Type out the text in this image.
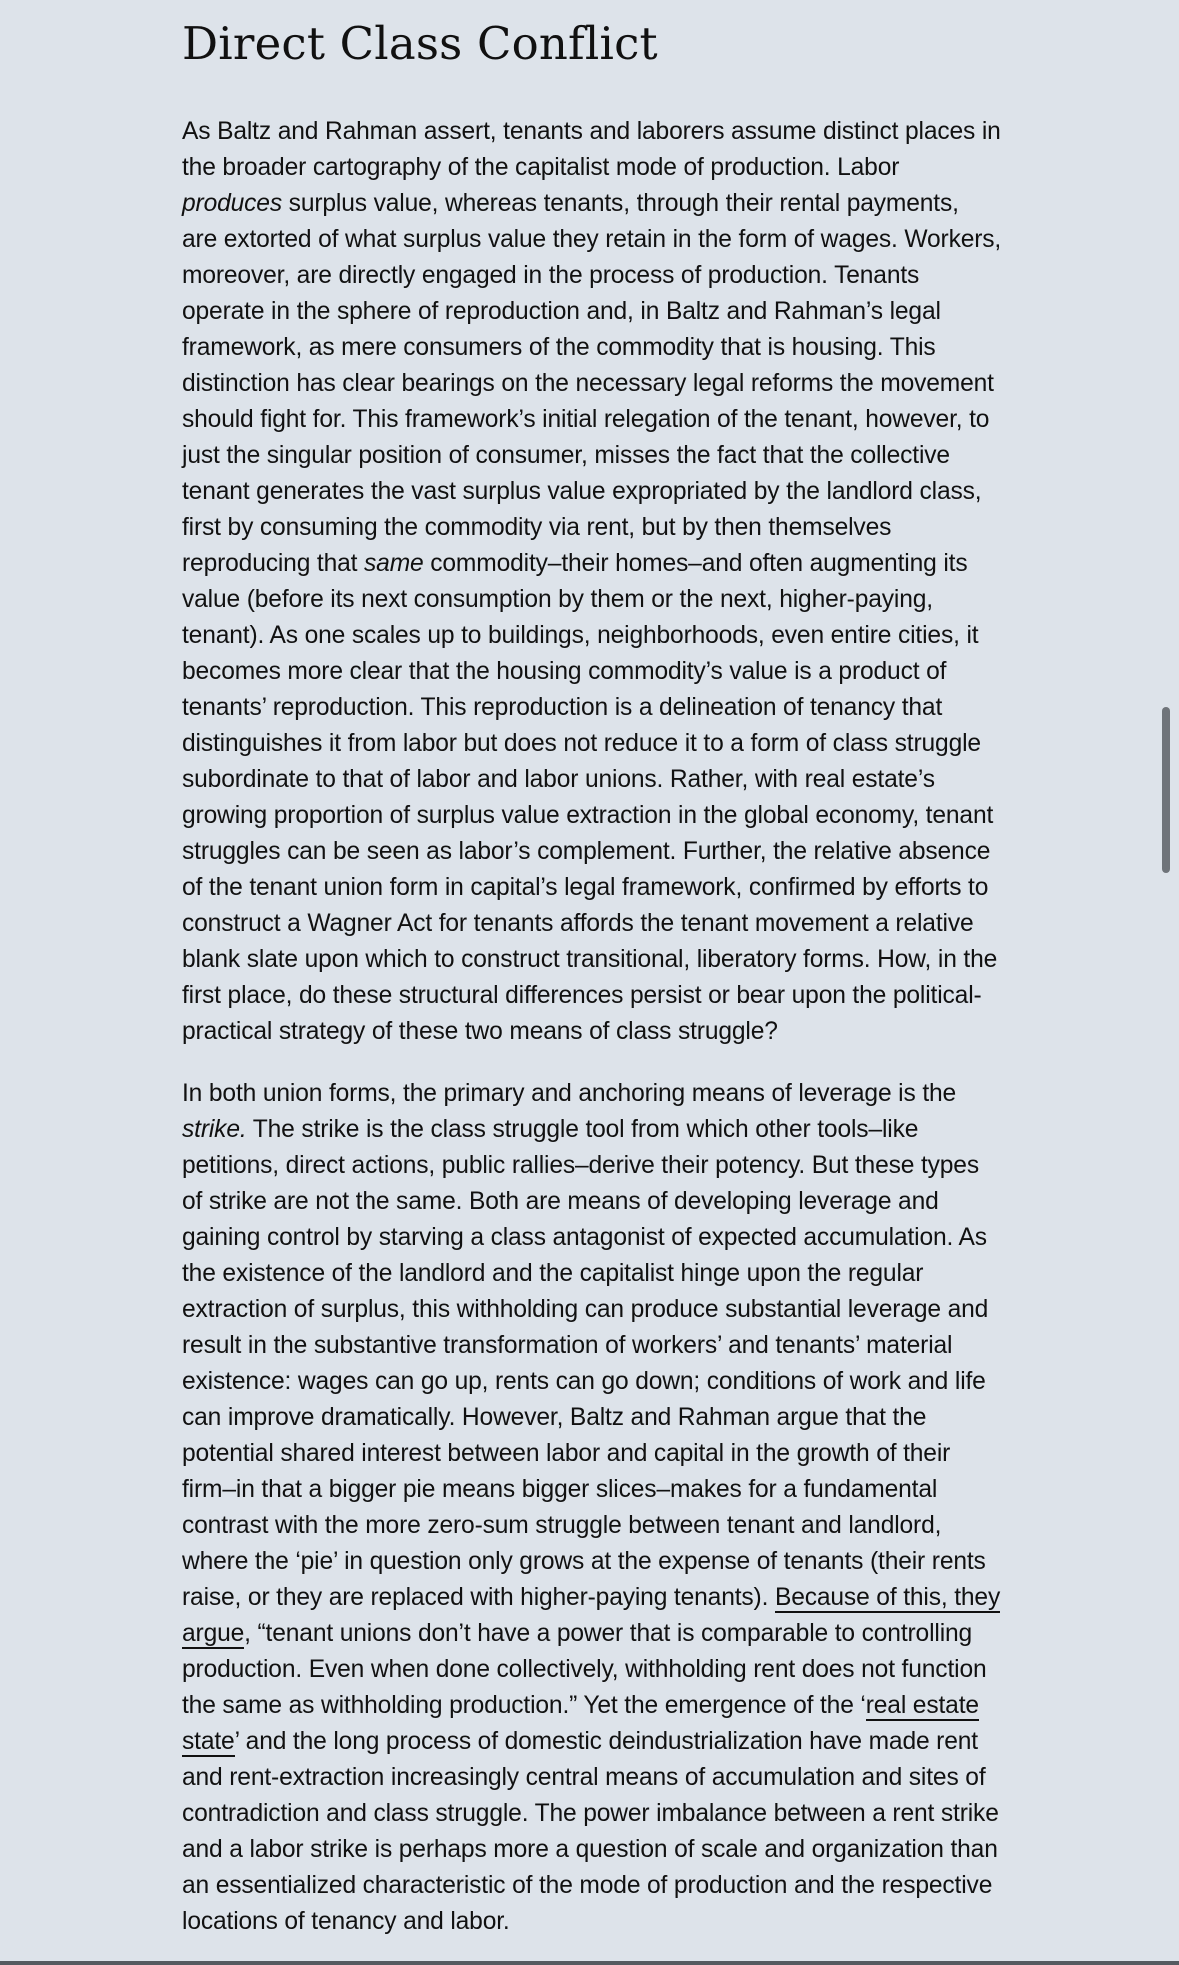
Direct Class Conflict

As Baltz and Rahman assert, tenants and laborers assume distinct places in
the broader cartography of the capitalist mode of production. Labor
produces surplus value, whereas tenants, through their rental payments,
are extorted of what surplus value they retain in the form of wages. Workers,
moreover, are directly engaged in the process of production. Tenants
operate in the sphere of reproduction and, in Baltz and Rahman’s legal
framework, as mere consumers of the commodity that is housing. This
distinction has clear bearings on the necessary legal reforms the movement
should fight for. This framework’s initial relegation of the tenant, however, to
just the singular position of consumer, misses the fact that the collective
tenant generates the vast surplus value expropriated by the landlord class,
first by consuming the commodity via rent, but by then themselves
reproducing that same commodity–their homes–and often augmenting its
value (before its next consumption by them or the next, higher-paying,
tenant). As one scales up to buildings, neighborhoods, even entire cities, it
becomes more clear that the housing commodity’s value is a product of
tenants’ reproduction. This reproduction is a delineation of tenancy that
distinguishes it from labor but does not reduce it to a form of class struggle
subordinate to that of labor and labor unions. Rather, with real estate’s
growing proportion of surplus value extraction in the global economy, tenant
struggles can be seen as labor’s complement. Further, the relative absence
of the tenant union form in capital’s legal framework, confirmed by efforts to
construct a Wagner Act for tenants affords the tenant movement a relative
blank slate upon which to construct transitional, liberatory forms. How, in the
first place, do these structural differences persist or bear upon the political-
practical strategy of these two means of class struggle?

In both union forms, the primary and anchoring means of leverage is the
strike. The strike is the class struggle tool from which other tools–like
petitions, direct actions, public rallies–derive their potency. But these types
of strike are not the same. Both are means of developing leverage and
gaining control by starving a class antagonist of expected accumulation. As
the existence of the landlord and the capitalist hinge upon the regular
extraction of surplus, this withholding can produce substantial leverage and
result in the substantive transformation of workers’ and tenants’ material
existence: wages can go up, rents can go down; conditions of work and life
can improve dramatically. However, Baltz and Rahman argue that the
potential shared interest between labor and capital in the growth of their
firm–in that a bigger pie means bigger slices–makes for a fundamental
contrast with the more zero-sum struggle between tenant and landlord,
where the ‘pie’ in question only grows at the expense of tenants (their rents
raise, or they are replaced with higher-paying tenants). Because of this, they
argue, “tenant unions don’t have a power that is comparable to controlling
production. Even when done collectively, withholding rent does not function
the same as withholding production.” Yet the emergence of the ‘real estate
state’ and the long process of domestic deindustrialization have made rent
and rent-extraction increasingly central means of accumulation and sites of
contradiction and class struggle. The power imbalance between a rent strike
and a labor strike is perhaps more a question of scale and organization than
an essentialized characteristic of the mode of production and the respective
locations of tenancy and labor.
